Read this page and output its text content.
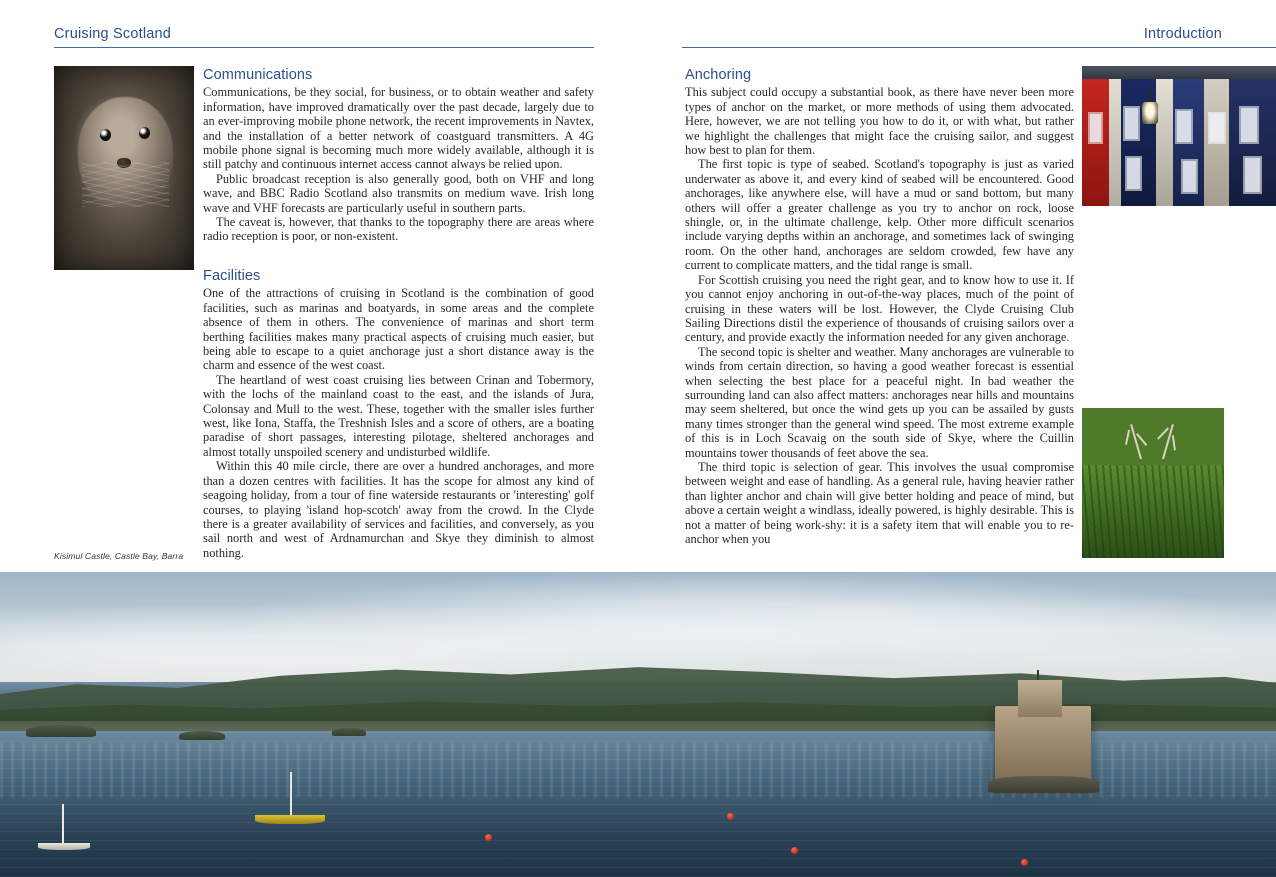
Cruising Scotland	Introduction
Kisimul Castle, Castle Bay, Barra
Communications

Communications, be they social, for business, or to obtain weather and safety information, have improved dramatically over the past decade, largely due to an ever-improving mobile phone network, the recent improvements in Navtex, and the installation of a better network of coastguard transmitters. A 4G mobile phone signal is becoming much more widely available, although it is still patchy and continuous internet access cannot always be relied upon.

Public broadcast reception is also generally good, both on VHF and long wave, and BBC Radio Scotland also transmits on medium wave. Irish long wave and VHF forecasts are particularly useful in southern parts.

The caveat is, however, that thanks to the topography there are areas where radio reception is poor, or non-existent.

Facilities

One of the attractions of cruising in Scotland is the combination of good facilities, such as marinas and boatyards, in some areas and the complete absence of them in others. The convenience of marinas and short term berthing facilities makes many practical aspects of cruising much easier, but being able to escape to a quiet anchorage just a short distance away is the charm and essence of the west coast.

The heartland of west coast cruising lies between Crinan and Tobermory, with the lochs of the mainland coast to the east, and the islands of Jura, Colonsay and Mull to the west. These, together with the smaller isles further west, like Iona, Staffa, the Treshnish Isles and a score of others, are a boating paradise of short passages, interesting pilotage, sheltered anchorages and almost totally unspoiled scenery and undisturbed wildlife.

Within this 40 mile circle, there are over a hundred anchorages, and more than a dozen centres with facilities. It has the scope for almost any kind of seagoing holiday, from a tour of fine waterside restaurants or 'interesting' golf courses, to playing 'island hop-scotch' away from the crowd. In the Clyde there is a greater availability of services and facilities, and conversely, as you sail north and west of Ardnamurchan and Skye they diminish to almost nothing.

Anchoring

This subject could occupy a substantial book, as there have never been more types of anchor on the market, or more methods of using them advocated. Here, however, we are not telling you how to do it, or with what, but rather we highlight the challenges that might face the cruising sailor, and suggest how best to plan for them.

The first topic is type of seabed. Scotland's topography is just as varied underwater as above it, and every kind of seabed will be encountered. Good anchorages, like anywhere else, will have a mud or sand bottom, but many others will offer a greater challenge as you try to anchor on rock, loose shingle, or, in the ultimate challenge, kelp. Other more difficult scenarios include varying depths within an anchorage, and sometimes lack of swinging room. On the other hand, anchorages are seldom crowded, few have any current to complicate matters, and the tidal range is small.

For Scottish cruising you need the right gear, and to know how to use it. If you cannot enjoy anchoring in out-of-the-way places, much of the point of cruising in these waters will be lost. However, the Clyde Cruising Club Sailing Directions distil the experience of thousands of cruising sailors over a century, and provide exactly the information needed for any given anchorage.

The second topic is shelter and weather. Many anchorages are vulnerable to winds from certain direction, so having a good weather forecast is essential when selecting the best place for a peaceful night. In bad weather the surrounding land can also affect matters: anchorages near hills and mountains may seem sheltered, but once the wind gets up you can be assailed by gusts many times stronger than the general wind speed. The most extreme example of this is in Loch Scavaig on the south side of Skye, where the Cuillin mountains tower thousands of feet above the sea.

The third topic is selection of gear. This involves the usual compromise between weight and ease of handling. As a general rule, having heavier rather than lighter anchor and chain will give better holding and peace of mind, but above a certain weight a windlass, ideally powered, is highly desirable. This is not a matter of being work-shy: it is a safety item that will enable you to re-anchor when you
